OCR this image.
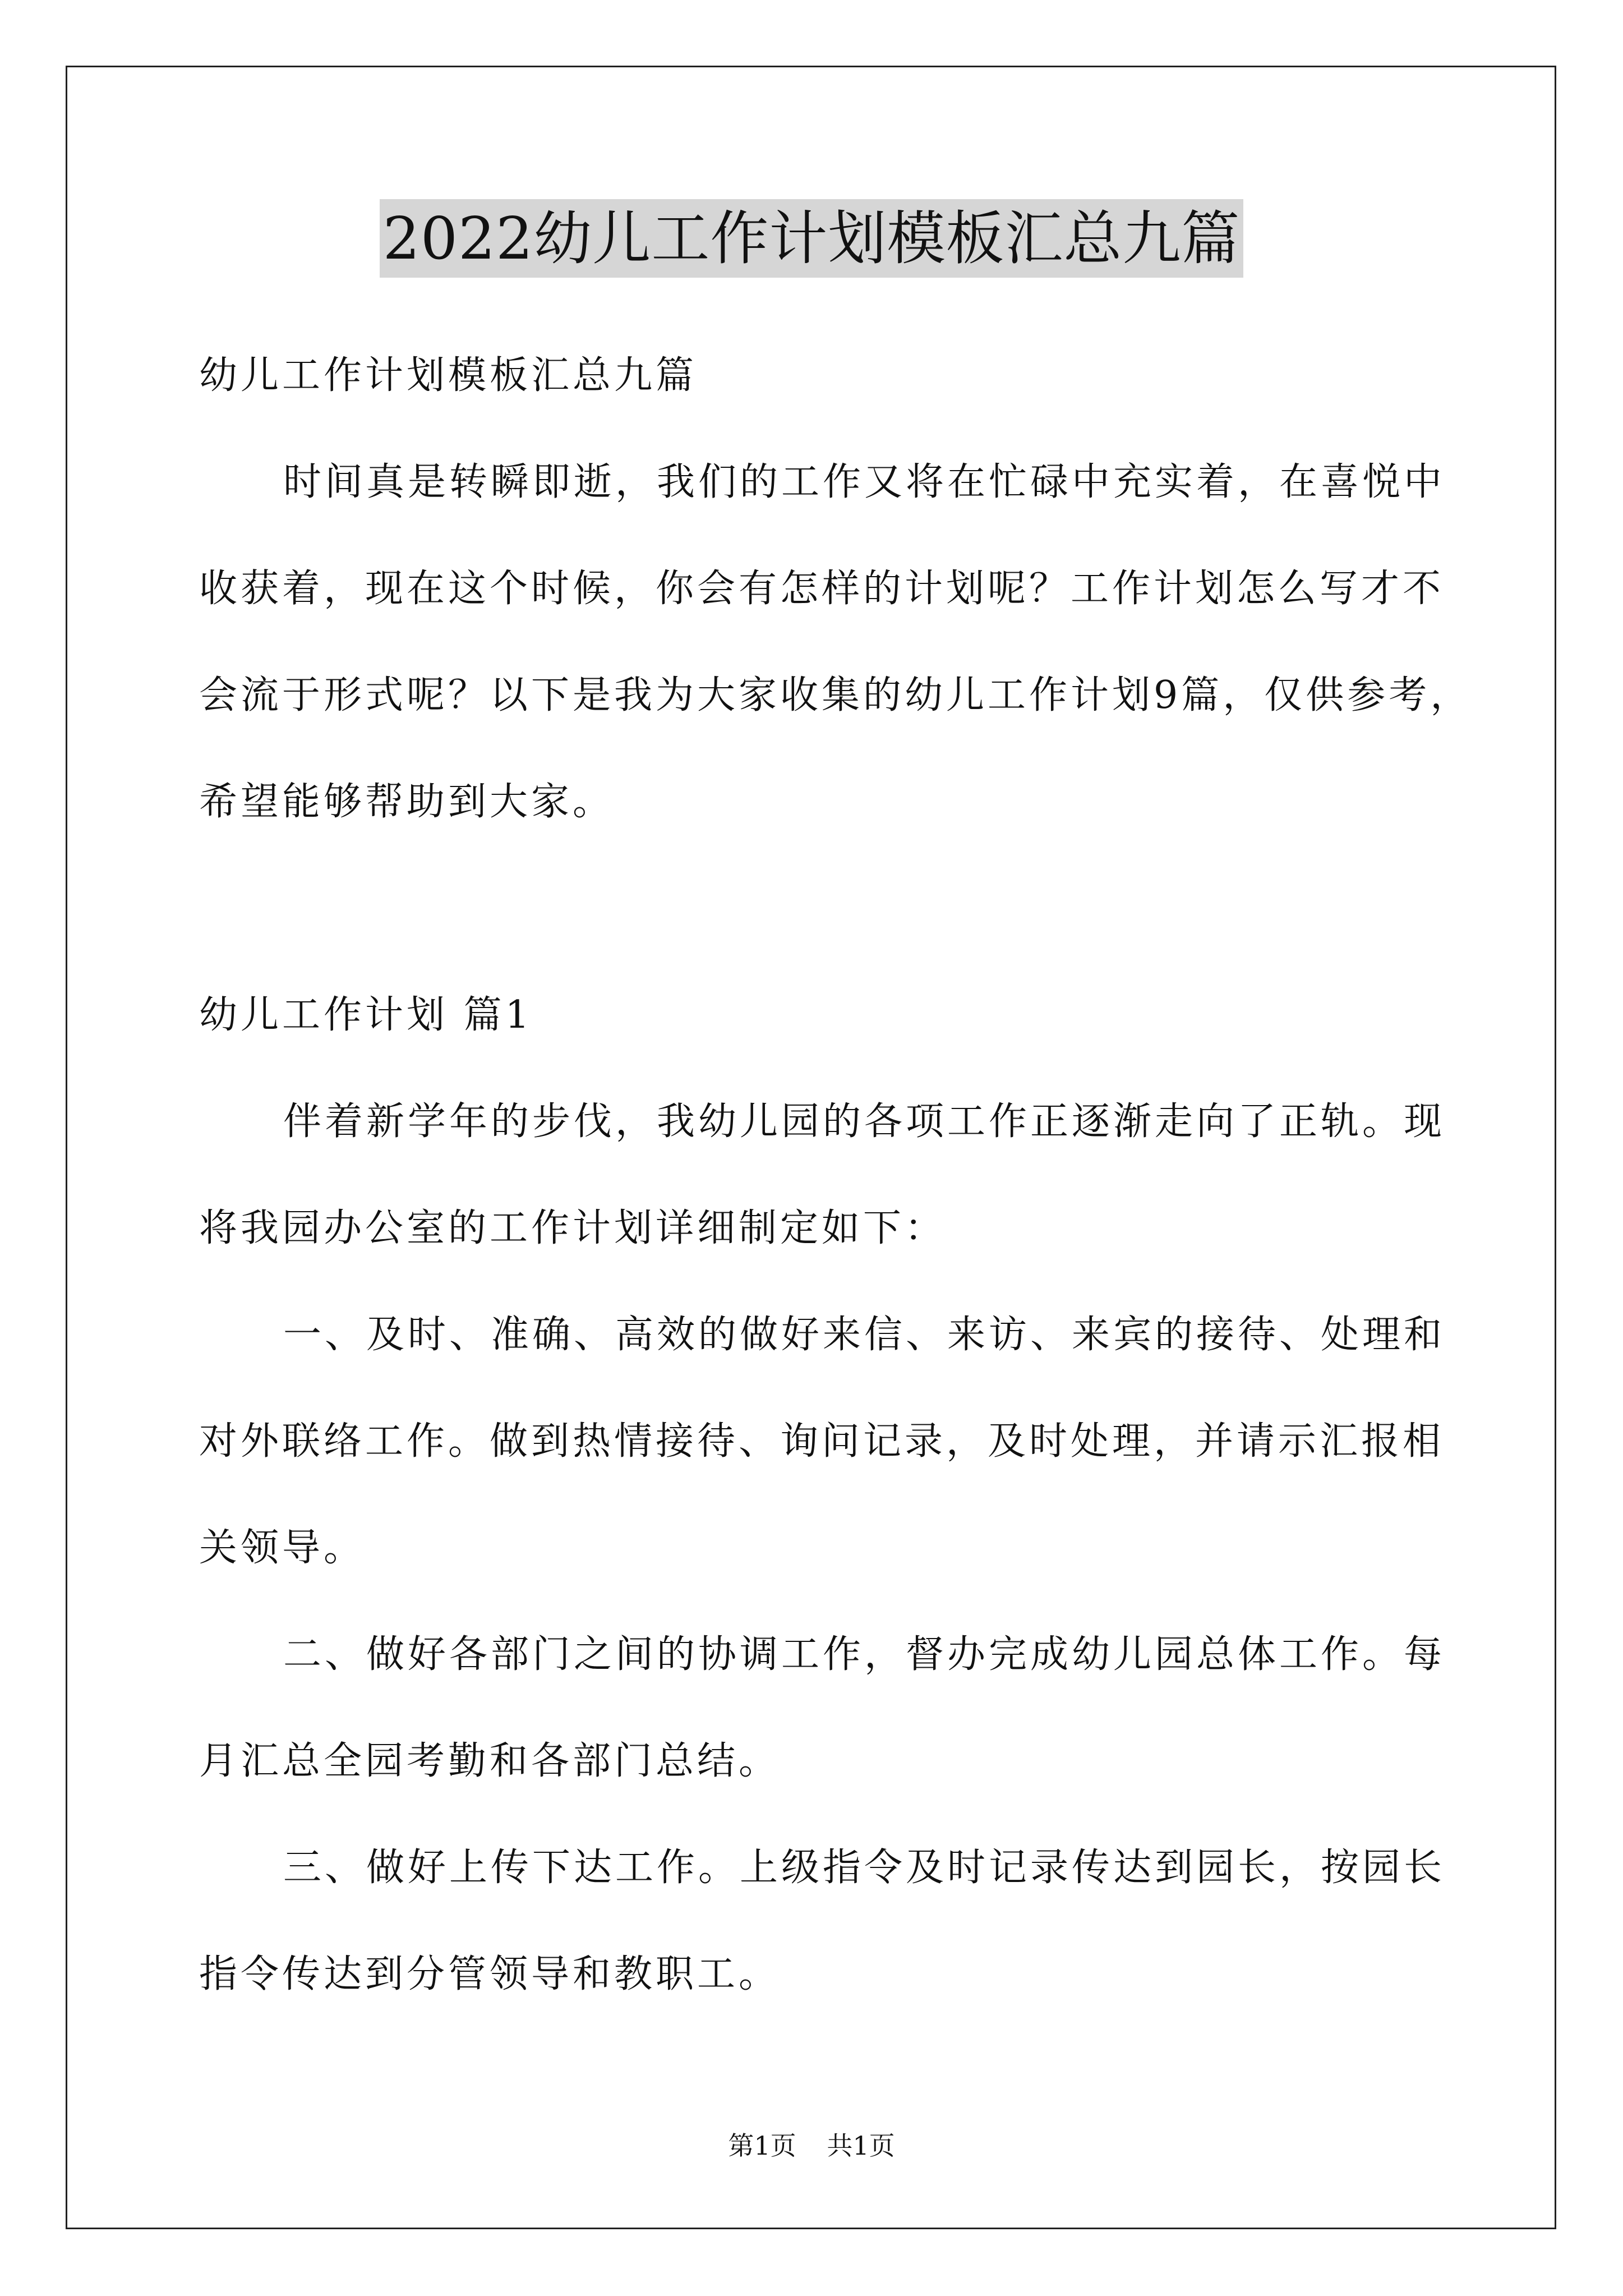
2022幼儿工作计划模板汇总九篇
幼儿工作计划模板汇总九篇
时间真是转瞬即逝，我们的工作又将在忙碌中充实着，在喜悦中
收获着，现在这个时候，你会有怎样的计划呢？工作计划怎么写才不
会流于形式呢？以下是我为大家收集的幼儿工作计划9篇，仅供参考，
希望能够帮助到大家。
幼儿工作计划 篇1
伴着新学年的步伐，我幼儿园的各项工作正逐渐走向了正轨。现
将我园办公室的工作计划详细制定如下：
一、及时、准确、高效的做好来信、来访、来宾的接待、处理和
对外联络工作。做到热情接待、询问记录，及时处理，并请示汇报相
关领导。
二、做好各部门之间的协调工作，督办完成幼儿园总体工作。每
月汇总全园考勤和各部门总结。
三、做好上传下达工作。上级指令及时记录传达到园长，按园长
指令传达到分管领导和教职工。
第1页 共1页
